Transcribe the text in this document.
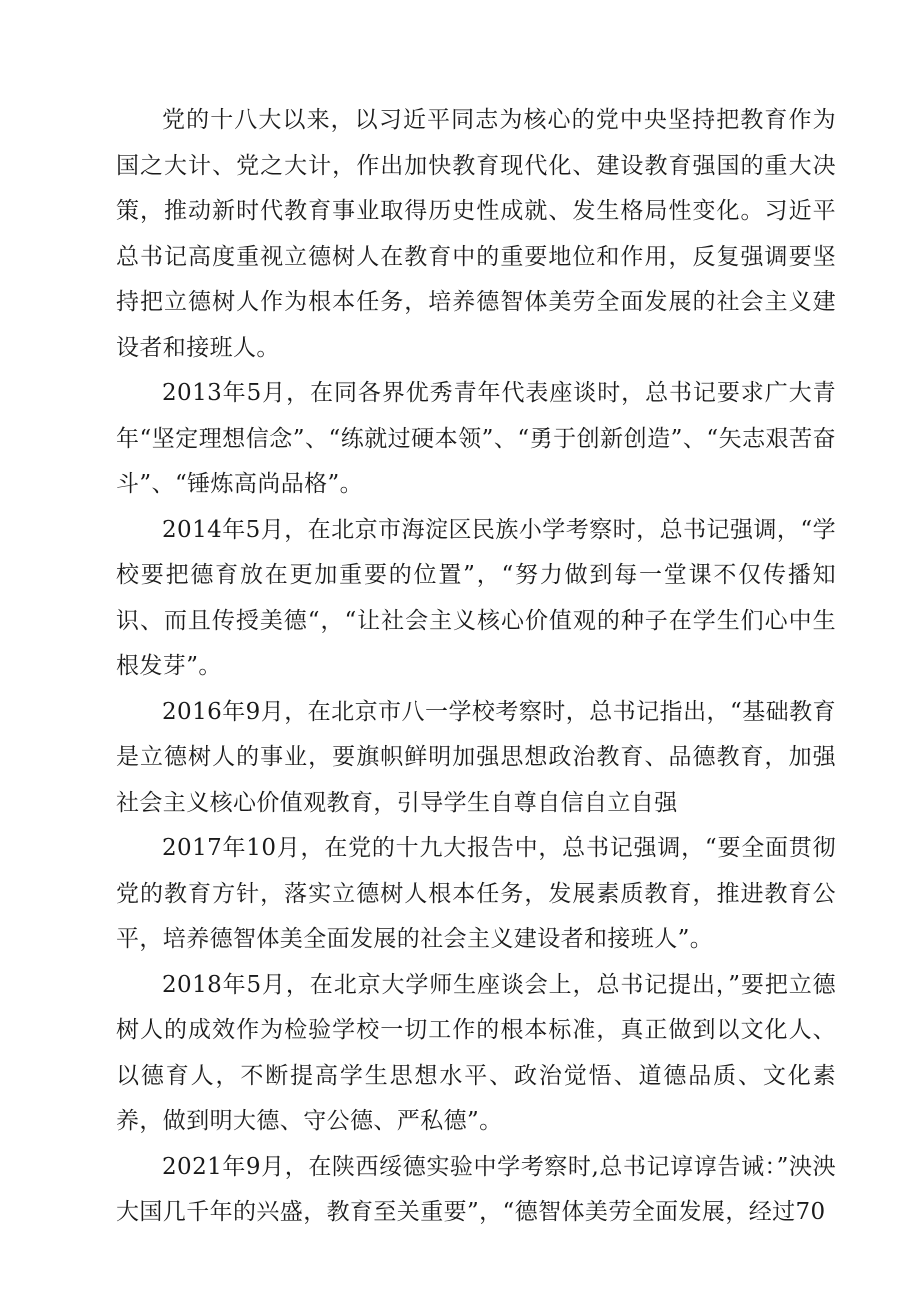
党的十八大以来，以习近平同志为核心的党中央坚持把教育作为国之大计、党之大计，作出加快教育现代化、建设教育强国的重大决策，推动新时代教育事业取得历史性成就、发生格局性变化。习近平总书记高度重视立德树人在教育中的重要地位和作用，反复强调要坚持把立德树人作为根本任务，培养德智体美劳全面发展的社会主义建设者和接班人。

2013年5月，在同各界优秀青年代表座谈时，总书记要求广大青年“坚定理想信念”、“练就过硬本领”、“勇于创新创造”、“矢志艰苦奋斗”、“锤炼高尚品格”。

2014年5月，在北京市海淀区民族小学考察时，总书记强调，“学校要把德育放在更加重要的位置”，“努力做到每一堂课不仅传播知识、而且传授美德“，“让社会主义核心价值观的种子在学生们心中生根发芽”。

2016年9月，在北京市八一学校考察时，总书记指出，“基础教育是立德树人的事业，要旗帜鲜明加强思想政治教育、品德教育，加强社会主义核心价值观教育，引导学生自尊自信自立自强

2017年10月，在党的十九大报告中，总书记强调，“要全面贯彻党的教育方针，落实立德树人根本任务，发展素质教育，推进教育公平，培养德智体美全面发展的社会主义建设者和接班人”。

2018年5月，在北京大学师生座谈会上，总书记提出，”要把立德树人的成效作为检验学校一切工作的根本标准，真正做到以文化人、以德育人，不断提高学生思想水平、政治觉悟、道德品质、文化素养，做到明大德、守公德、严私德”。

2021年9月，在陕西绥德实验中学考察时,总书记谆谆告诫：”泱泱大国几千年的兴盛，教育至关重要”，“德智体美劳全面发展，经过70
